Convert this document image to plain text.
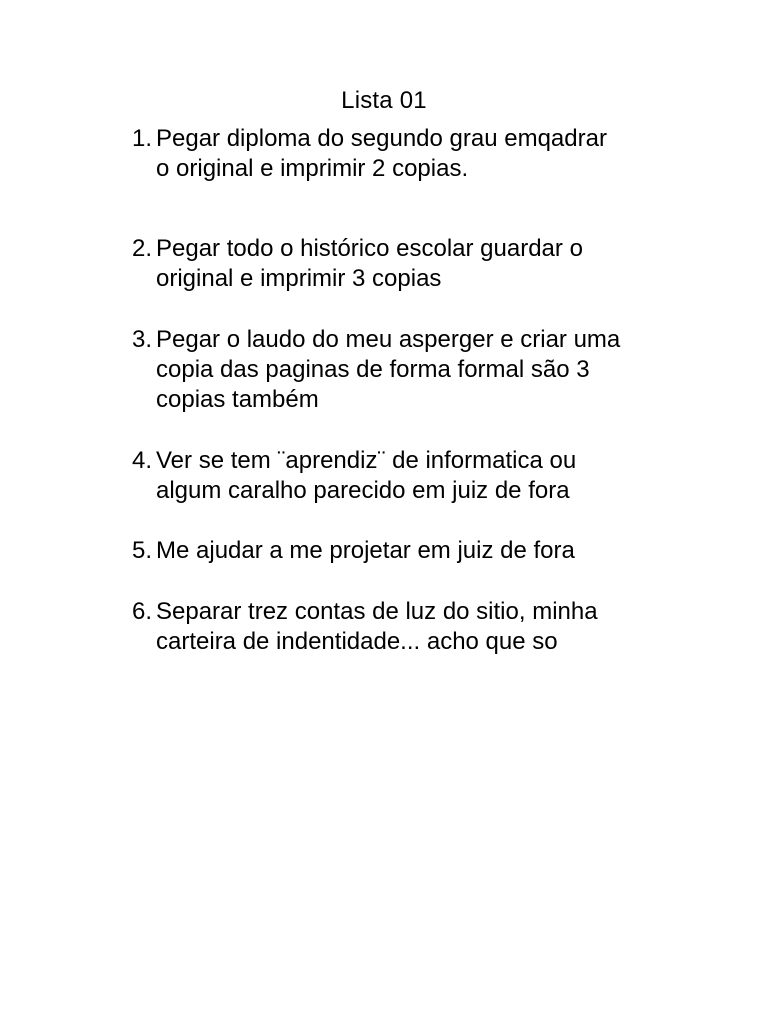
Lista 01
1. Pegar diploma do segundo grau emqadrar
o original e imprimir 2 copias.
2. Pegar todo o histórico escolar guardar o
original e imprimir 3 copias
3. Pegar o laudo do meu asperger e criar uma
copia das paginas de forma formal são 3
copias também
4. Ver se tem ¨aprendiz¨ de informatica ou
algum caralho parecido em juiz de fora
5. Me ajudar a me projetar em juiz de fora
6. Separar trez contas de luz do sitio, minha
carteira de indentidade... acho que so
